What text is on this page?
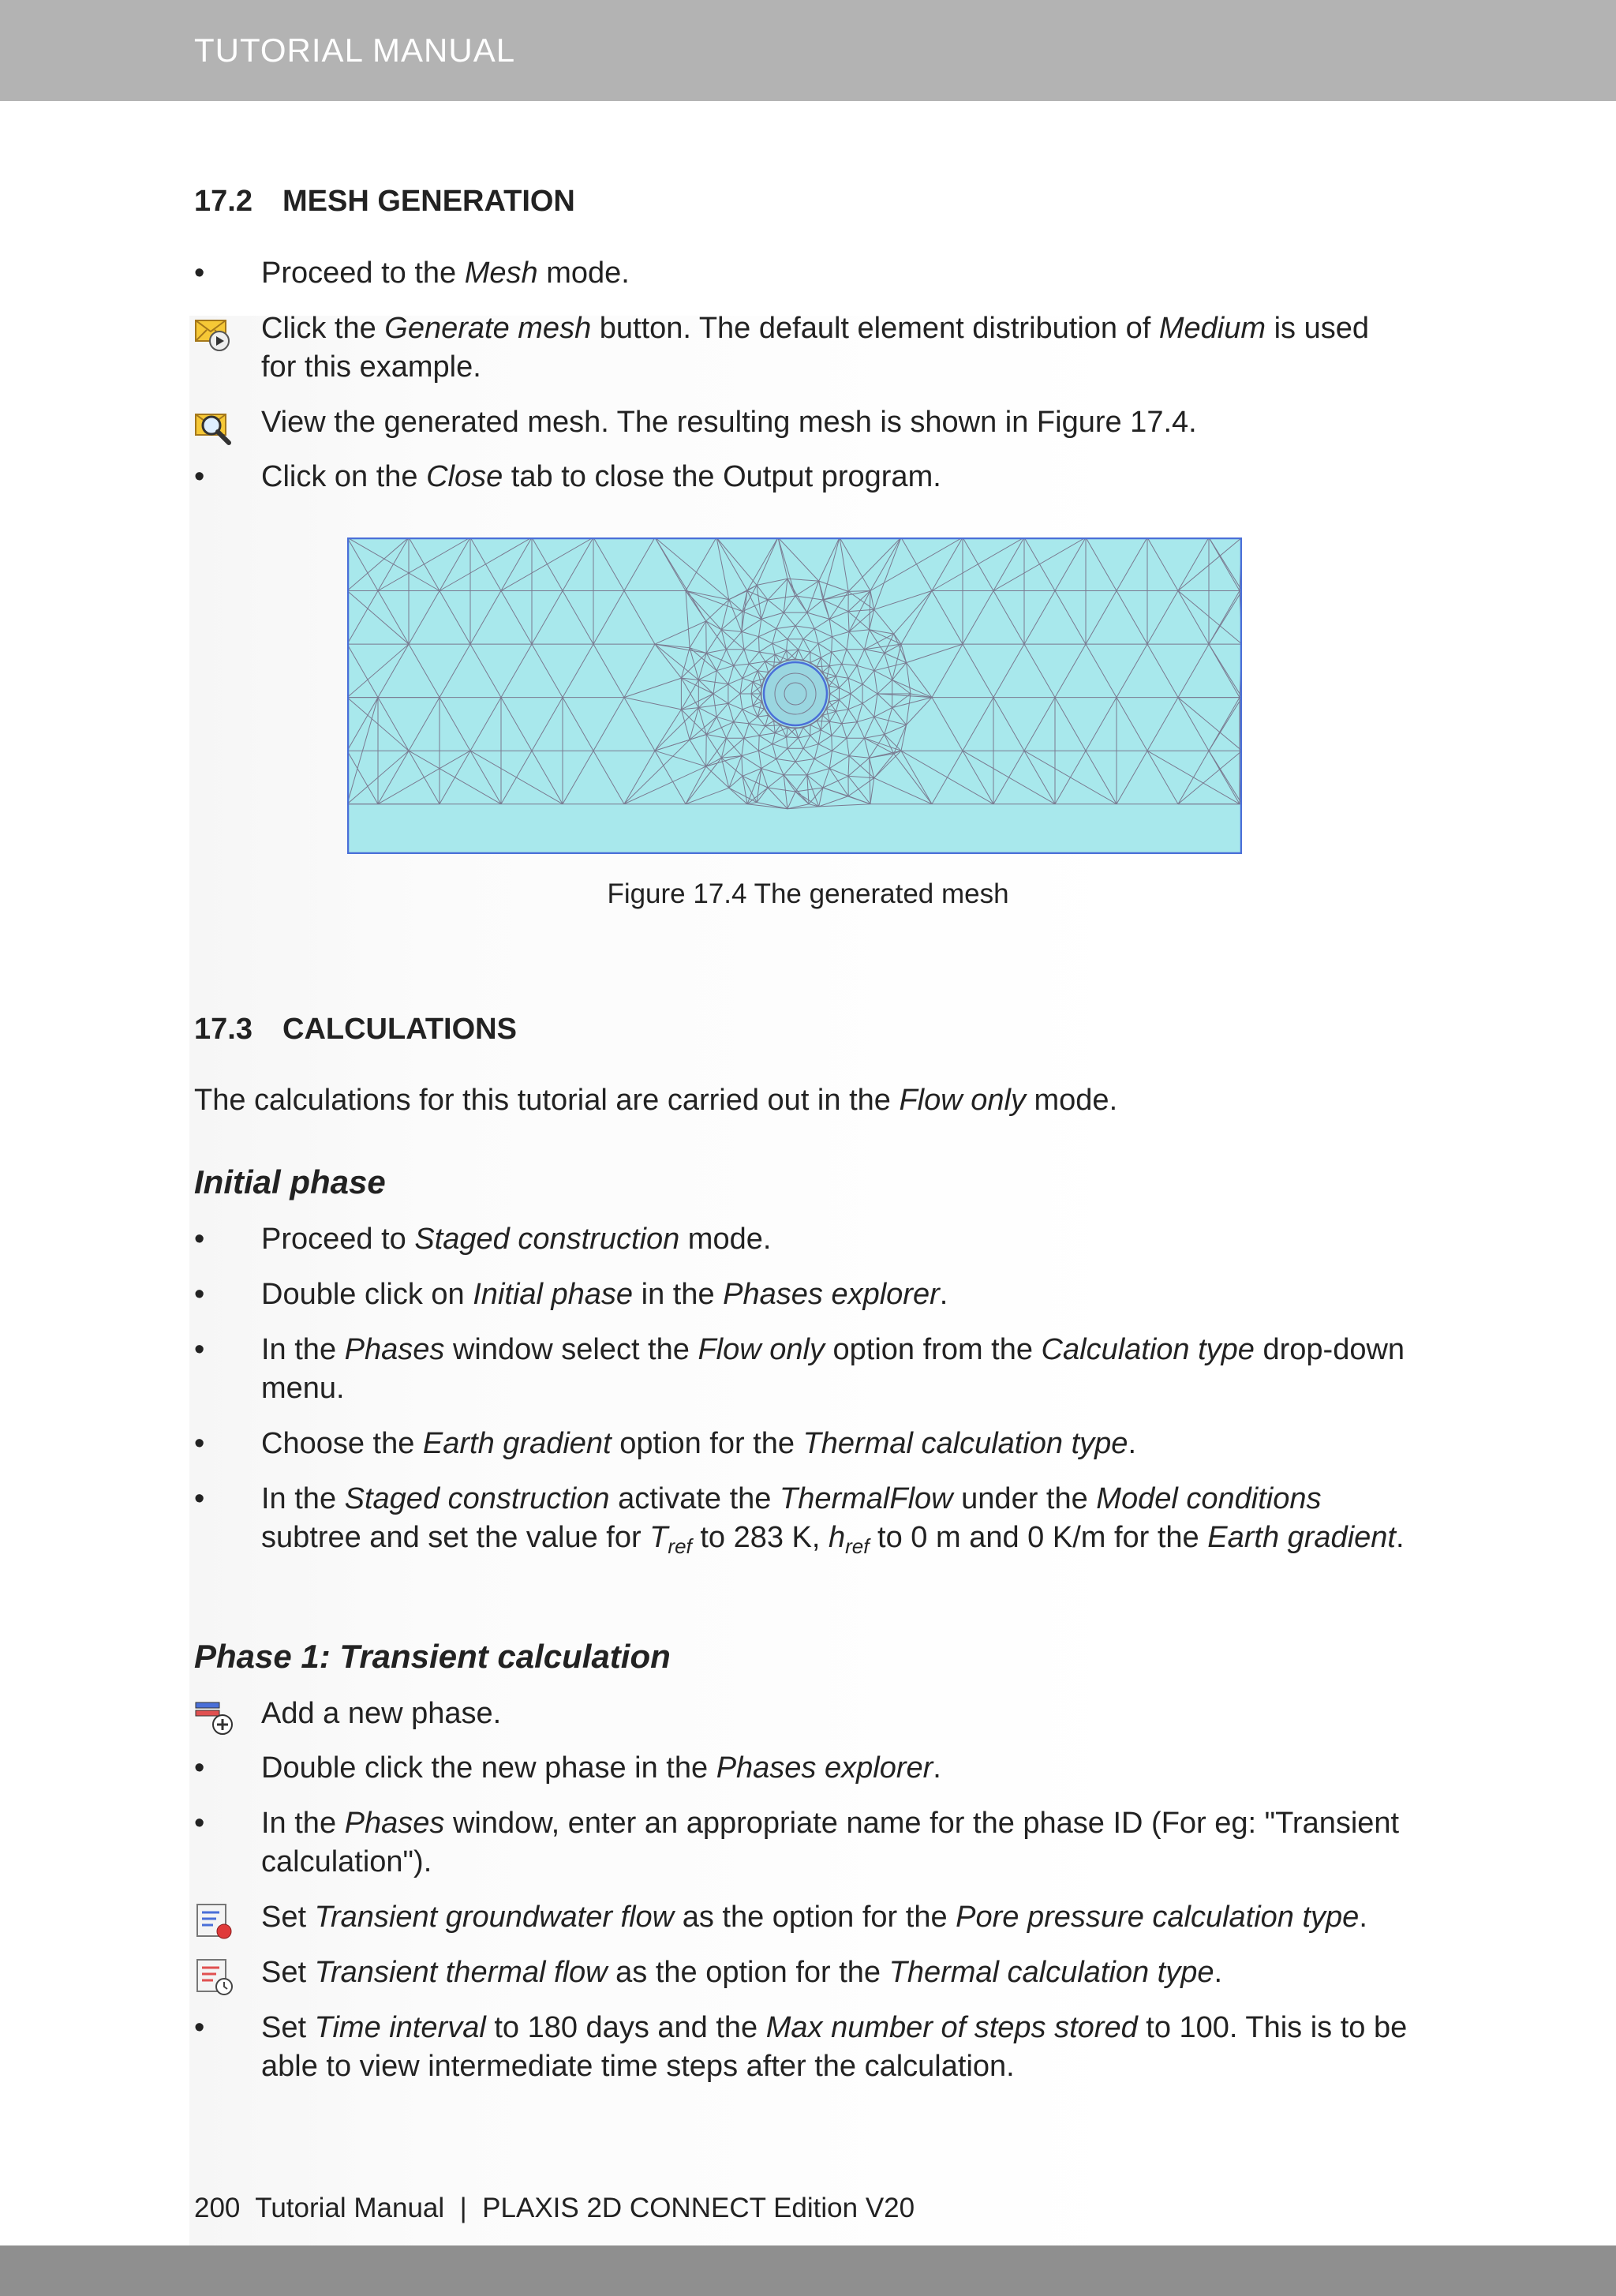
TUTORIAL MANUAL
17.2 MESH GENERATION
•	Proceed to the Mesh mode.
Click the Generate mesh button. The default element distribution of Medium is used for this example.
View the generated mesh. The resulting mesh is shown in Figure 17.4.
•	Click on the Close tab to close the Output program.
Figure 17.4 The generated mesh
17.3 CALCULATIONS
The calculations for this tutorial are carried out in the Flow only mode.
Initial phase
•	Proceed to Staged construction mode.
•	Double click on Initial phase in the Phases explorer.
•	In the Phases window select the Flow only option from the Calculation type drop-down menu.
•	Choose the Earth gradient option for the Thermal calculation type.
•	In the Staged construction activate the ThermalFlow under the Model conditions subtree and set the value for $T_{ref}$ to 283 K, $h_{ref}$ to 0 m and 0 K/m for the Earth gradient.
Phase 1: Transient calculation
Add a new phase.
•	Double click the new phase in the Phases explorer.
•	In the Phases window, enter an appropriate name for the phase ID (For eg: "Transient calculation").
Set Transient groundwater flow as the option for the Pore pressure calculation type.
Set Transient thermal flow as the option for the Thermal calculation type.
•	Set Time interval to 180 days and the Max number of steps stored to 100. This is to be able to view intermediate time steps after the calculation.
200 Tutorial Manual | PLAXIS 2D CONNECT Edition V20
